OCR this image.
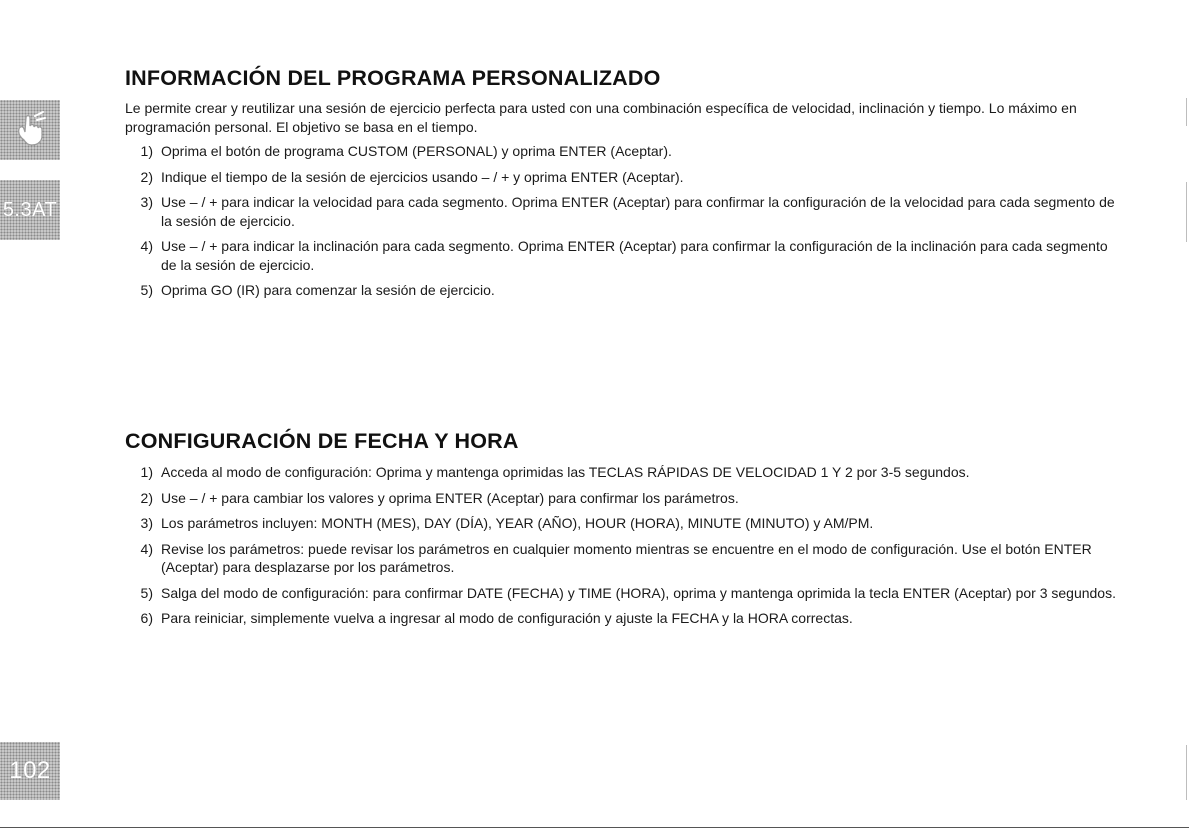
5.3AT
102
INFORMACIÓN DEL PROGRAMA PERSONALIZADO
Le permite crear y reutilizar una sesión de ejercicio perfecta para usted con una combinación específica de velocidad, inclinación y tiempo. Lo máximo en programación personal. El objetivo se basa en el tiempo.
1) Oprima el botón de programa CUSTOM (PERSONAL) y oprima ENTER (Aceptar).
2) Indique el tiempo de la sesión de ejercicios usando – / + y oprima ENTER (Aceptar).
3) Use – / + para indicar la velocidad para cada segmento. Oprima ENTER (Aceptar) para confirmar la configuración de la velocidad para cada segmento de la sesión de ejercicio.
4) Use – / + para indicar la inclinación para cada segmento. Oprima ENTER (Aceptar) para confirmar la configuración de la inclinación para cada segmento de la sesión de ejercicio.
5) Oprima GO (IR) para comenzar la sesión de ejercicio.
CONFIGURACIÓN DE FECHA Y HORA
1) Acceda al modo de configuración: Oprima y mantenga oprimidas las TECLAS RÁPIDAS DE VELOCIDAD 1 Y 2 por 3-5 segundos.
2) Use – / + para cambiar los valores y oprima ENTER (Aceptar) para confirmar los parámetros.
3) Los parámetros incluyen: MONTH (MES), DAY (DÍA), YEAR (AÑO), HOUR (HORA), MINUTE (MINUTO) y AM/PM.
4) Revise los parámetros: puede revisar los parámetros en cualquier momento mientras se encuentre en el modo de configuración. Use el botón ENTER (Aceptar) para desplazarse por los parámetros.
5) Salga del modo de configuración: para confirmar DATE (FECHA) y TIME (HORA), oprima y mantenga oprimida la tecla ENTER (Aceptar) por 3 segundos.
6) Para reiniciar, simplemente vuelva a ingresar al modo de configuración y ajuste la FECHA y la HORA correctas.
